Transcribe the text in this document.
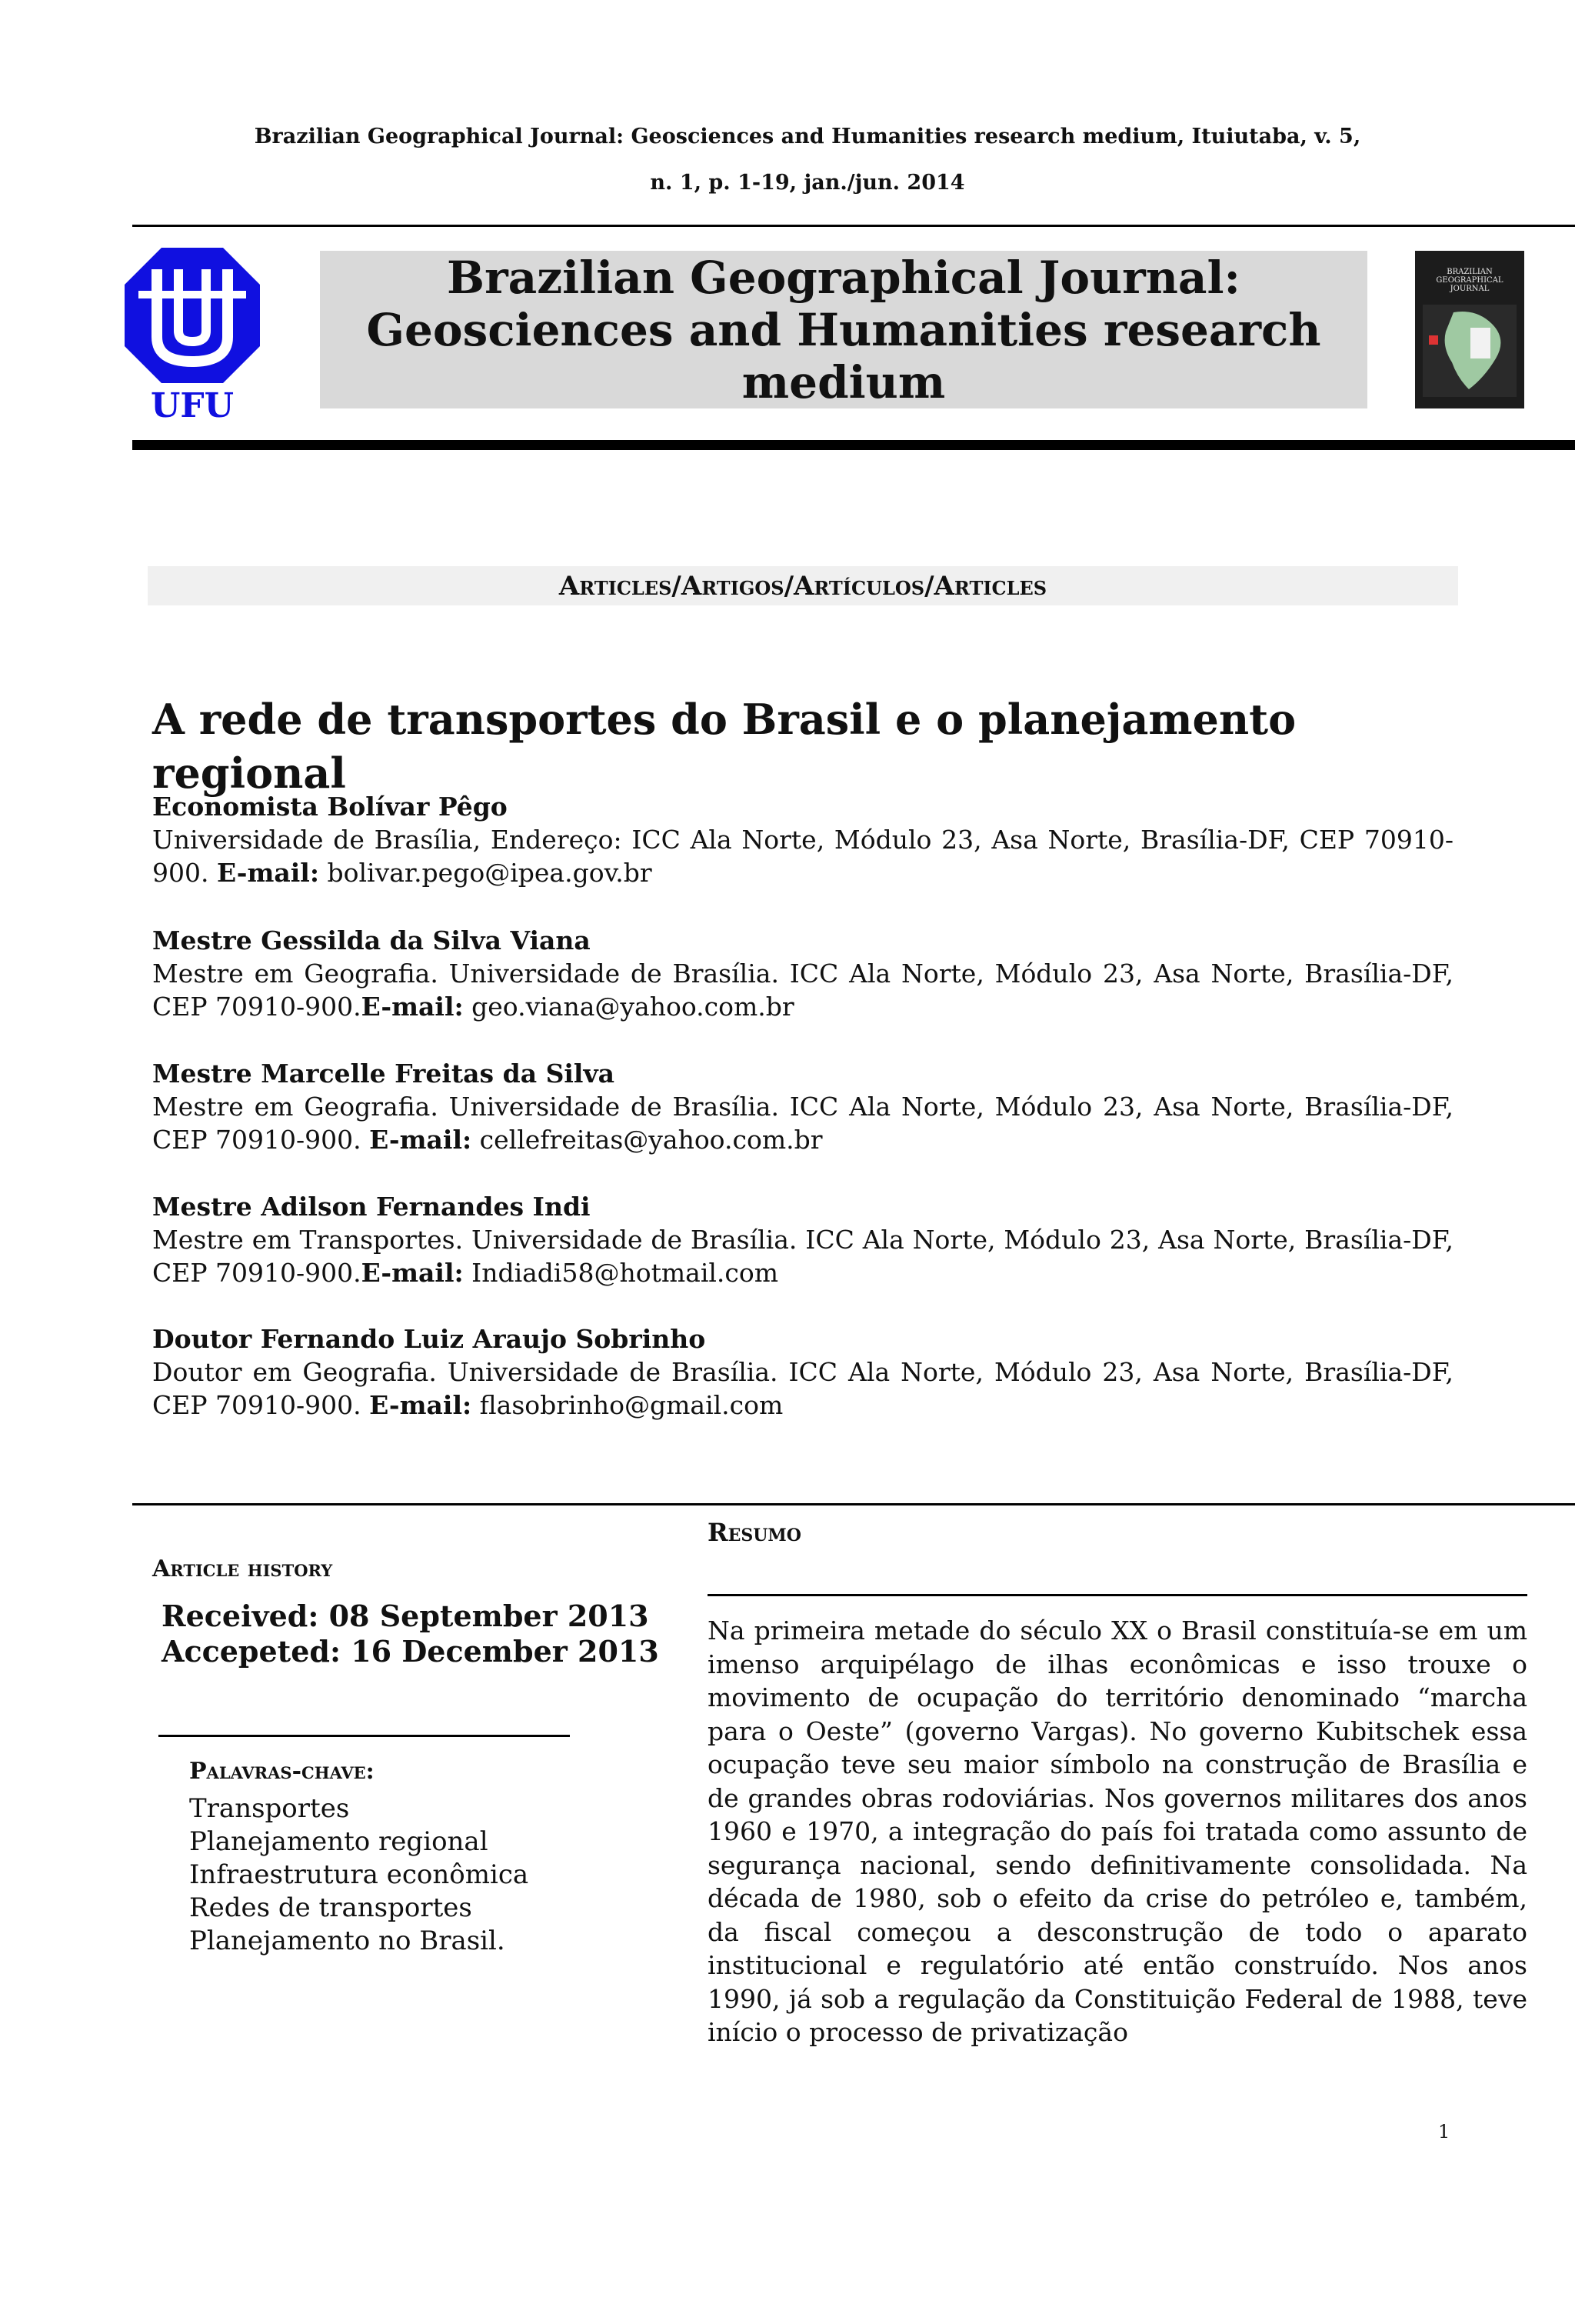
Brazilian Geographical Journal: Geosciences and Humanities research medium, Ituiutaba, v. 5,
n. 1, p. 1-19, jan./jun. 2014
UFU
Brazilian Geographical Journal: Geosciences and Humanities research medium
BRAZILIAN GEOGRAPHICAL JOURNAL
Articles/Artigos/Artículos/Articles
A rede de transportes do Brasil e o planejamento regional
Economista Bolívar Pêgo
Universidade de Brasília, Endereço: ICC Ala Norte, Módulo 23, Asa Norte, Brasília-DF, CEP 70910-900. E-mail: bolivar.pego@ipea.gov.br
Mestre Gessilda da Silva Viana
Mestre em Geografia. Universidade de Brasília. ICC Ala Norte, Módulo 23, Asa Norte, Brasília-DF, CEP 70910-900.E-mail: geo.viana@yahoo.com.br
Mestre Marcelle Freitas da Silva
Mestre em Geografia. Universidade de Brasília. ICC Ala Norte, Módulo 23, Asa Norte, Brasília-DF, CEP 70910-900. E-mail: cellefreitas@yahoo.com.br
Mestre Adilson Fernandes Indi
Mestre em Transportes. Universidade de Brasília. ICC Ala Norte, Módulo 23, Asa Norte, Brasília-DF, CEP 70910-900.E-mail: Indiadi58@hotmail.com
Doutor Fernando Luiz Araujo Sobrinho
Doutor em Geografia. Universidade de Brasília. ICC Ala Norte, Módulo 23, Asa Norte, Brasília-DF, CEP 70910-900. E-mail: flasobrinho@gmail.com
Article history
Received: 08 September 2013
Accepeted: 16 December 2013
Palavras-chave:
Transportes
Planejamento regional
Infraestrutura econômica
Redes de transportes
Planejamento no Brasil.
Resumo
Na primeira metade do século XX o Brasil constituía-se em um imenso arquipélago de ilhas econômicas e isso trouxe o movimento de ocupação do território denominado “marcha para o Oeste” (governo Vargas). No governo Kubitschek essa ocupação teve seu maior símbolo na construção de Brasília e de grandes obras rodoviárias. Nos governos militares dos anos 1960 e 1970, a integração do país foi tratada como assunto de segurança nacional, sendo definitivamente consolidada. Na década de 1980, sob o efeito da crise do petróleo e, também, da fiscal começou a desconstrução de todo o aparato institucional e regulatório até então construído. Nos anos 1990, já sob a regulação da Constituição Federal de 1988, teve início o processo de privatização
1
